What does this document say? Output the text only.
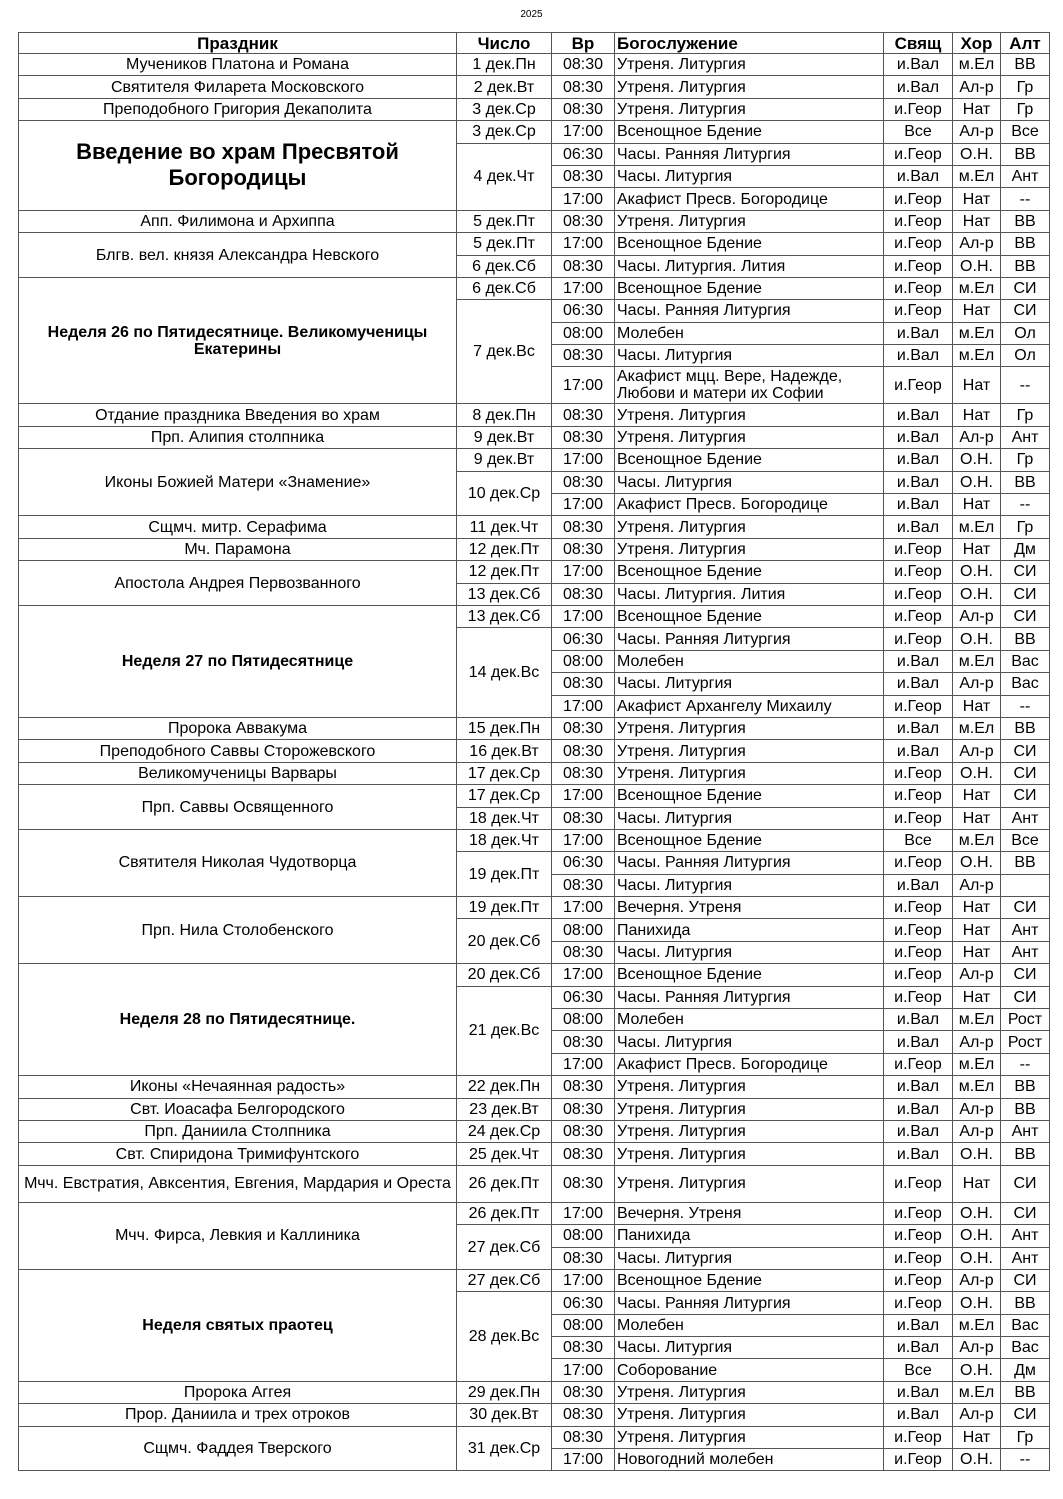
2025
Праздник	Число	Вр	Богослужение	Свящ	Хор	Алт
Мучеников Платона и Романа	1 дек.Пн	08:30	Утреня. Литургия	и.Вал	м.Ел	ВВ
Святителя Филарета Московского	2 дек.Вт	08:30	Утреня. Литургия	и.Вал	Ал-р	Гр
Преподобного Григория Декаполита	3 дек.Ср	08:30	Утреня. Литургия	и.Геор	Нат	Гр
Введение во храм Пресвятой Богородицы	3 дек.Ср	17:00	Всенощное Бдение	Все	Ал-р	Все
	4 дек.Чт	06:30	Часы. Ранняя Литургия	и.Геор	О.Н.	ВВ
		08:30	Часы. Литургия	и.Вал	м.Ел	Ант
		17:00	Акафист Пресв. Богородице	и.Геор	Нат	--
Апп. Филимона и Архиппа	5 дек.Пт	08:30	Утреня. Литургия	и.Геор	Нат	ВВ
Блгв. вел. князя Александра Невского	5 дек.Пт	17:00	Всенощное Бдение	и.Геор	Ал-р	ВВ
	6 дек.Сб	08:30	Часы. Литургия. Лития	и.Геор	О.Н.	ВВ
Неделя 26 по Пятидесятнице. Великомученицы Екатерины	6 дек.Сб	17:00	Всенощное Бдение	и.Геор	м.Ел	СИ
	7 дек.Вс	06:30	Часы. Ранняя Литургия	и.Геор	Нат	СИ
		08:00	Молебен	и.Вал	м.Ел	Ол
		08:30	Часы. Литургия	и.Вал	м.Ел	Ол
		17:00	Акафист мцц. Вере, Надежде, Любови и матери их Софии	и.Геор	Нат	--
Отдание праздника Введения во храм	8 дек.Пн	08:30	Утреня. Литургия	и.Вал	Нат	Гр
Прп. Алипия столпника	9 дек.Вт	08:30	Утреня. Литургия	и.Вал	Ал-р	Ант
Иконы Божией Матери «Знамение»	9 дек.Вт	17:00	Всенощное Бдение	и.Вал	О.Н.	Гр
	10 дек.Ср	08:30	Часы. Литургия	и.Вал	О.Н.	ВВ
		17:00	Акафист Пресв. Богородице	и.Вал	Нат	--
Сщмч. митр. Серафима	11 дек.Чт	08:30	Утреня. Литургия	и.Вал	м.Ел	Гр
Мч. Парамона	12 дек.Пт	08:30	Утреня. Литургия	и.Геор	Нат	Дм
Апостола Андрея Первозванного	12 дек.Пт	17:00	Всенощное Бдение	и.Геор	О.Н.	СИ
	13 дек.Сб	08:30	Часы. Литургия. Лития	и.Геор	О.Н.	СИ
Неделя 27 по Пятидесятнице	13 дек.Сб	17:00	Всенощное Бдение	и.Геор	Ал-р	СИ
	14 дек.Вс	06:30	Часы. Ранняя Литургия	и.Геор	О.Н.	ВВ
		08:00	Молебен	и.Вал	м.Ел	Вас
		08:30	Часы. Литургия	и.Вал	Ал-р	Вас
		17:00	Акафист Архангелу Михаилу	и.Геор	Нат	--
Пророка Аввакума	15 дек.Пн	08:30	Утреня. Литургия	и.Вал	м.Ел	ВВ
Преподобного Саввы Сторожевского	16 дек.Вт	08:30	Утреня. Литургия	и.Вал	Ал-р	СИ
Великомученицы Варвары	17 дек.Ср	08:30	Утреня. Литургия	и.Геор	О.Н.	СИ
Прп. Саввы Освященного	17 дек.Ср	17:00	Всенощное Бдение	и.Геор	Нат	СИ
	18 дек.Чт	08:30	Часы. Литургия	и.Геор	Нат	Ант
Святителя Николая Чудотворца	18 дек.Чт	17:00	Всенощное Бдение	Все	м.Ел	Все
	19 дек.Пт	06:30	Часы. Ранняя Литургия	и.Геор	О.Н.	ВВ
		08:30	Часы. Литургия	и.Вал	Ал-р	
Прп. Нила Столобенского	19 дек.Пт	17:00	Вечерня. Утреня	и.Геор	Нат	СИ
	20 дек.Сб	08:00	Панихида	и.Геор	Нат	Ант
		08:30	Часы. Литургия	и.Геор	Нат	Ант
Неделя 28 по Пятидесятнице.	20 дек.Сб	17:00	Всенощное Бдение	и.Геор	Ал-р	СИ
	21 дек.Вс	06:30	Часы. Ранняя Литургия	и.Геор	Нат	СИ
		08:00	Молебен	и.Вал	м.Ел	Рост
		08:30	Часы. Литургия	и.Вал	Ал-р	Рост
		17:00	Акафист Пресв. Богородице	и.Геор	м.Ел	--
Иконы «Нечаянная радость»	22 дек.Пн	08:30	Утреня. Литургия	и.Вал	м.Ел	ВВ
Свт. Иоасафа Белгородского	23 дек.Вт	08:30	Утреня. Литургия	и.Вал	Ал-р	ВВ
Прп. Даниила Столпника	24 дек.Ср	08:30	Утреня. Литургия	и.Вал	Ал-р	Ант
Свт. Спиридона Тримифунтского	25 дек.Чт	08:30	Утреня. Литургия	и.Вал	О.Н.	ВВ
Мчч. Евстратия, Авксентия, Евгения, Мардария и Ореста	26 дек.Пт	08:30	Утреня. Литургия	и.Геор	Нат	СИ
Мчч. Фирса, Левкия и Каллиника	26 дек.Пт	17:00	Вечерня. Утреня	и.Геор	О.Н.	СИ
	27 дек.Сб	08:00	Панихида	и.Геор	О.Н.	Ант
		08:30	Часы. Литургия	и.Геор	О.Н.	Ант
Неделя святых праотец	27 дек.Сб	17:00	Всенощное Бдение	и.Геор	Ал-р	СИ
	28 дек.Вс	06:30	Часы. Ранняя Литургия	и.Геор	О.Н.	ВВ
		08:00	Молебен	и.Вал	м.Ел	Вас
		08:30	Часы. Литургия	и.Вал	Ал-р	Вас
		17:00	Соборование	Все	О.Н.	Дм
Пророка Аггея	29 дек.Пн	08:30	Утреня. Литургия	и.Вал	м.Ел	ВВ
Прор. Даниила и трех отроков	30 дек.Вт	08:30	Утреня. Литургия	и.Вал	Ал-р	СИ
Сщмч. Фаддея Тверского	31 дек.Ср	08:30	Утреня. Литургия	и.Геор	Нат	Гр
		17:00	Новогодний молебен	и.Геор	О.Н.	--
